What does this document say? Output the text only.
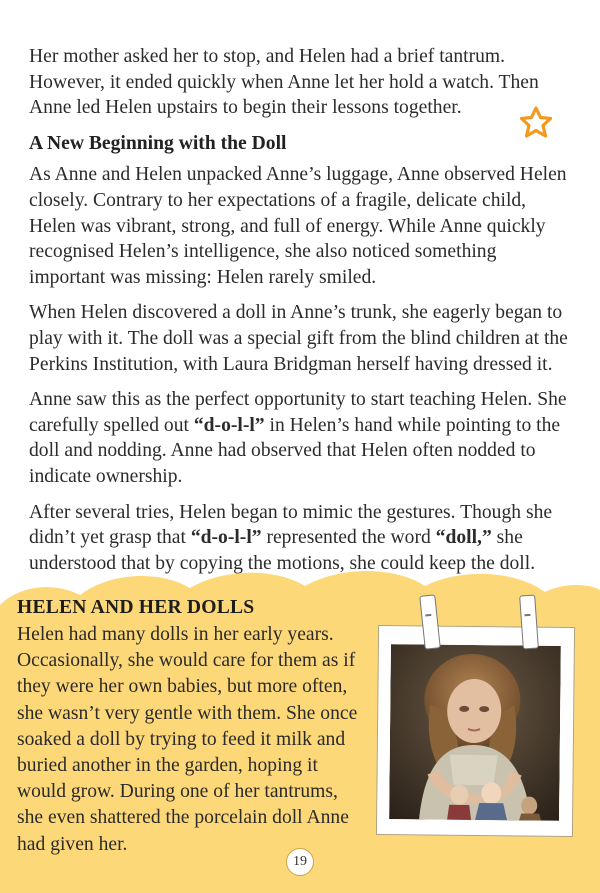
Her mother asked her to stop, and Helen had a brief tantrum. However, it ended quickly when Anne let her hold a watch. Then Anne led Helen upstairs to begin their lessons together.

A New Beginning with the Doll

As Anne and Helen unpacked Anne’s luggage, Anne observed Helen closely. Contrary to her expectations of a fragile, delicate child, Helen was vibrant, strong, and full of energy. While Anne quickly recognised Helen’s intelligence, she also noticed something important was missing: Helen rarely smiled.

When Helen discovered a doll in Anne’s trunk, she eagerly began to play with it. The doll was a special gift from the blind children at the Perkins Institution, with Laura Bridgman herself having dressed it.

Anne saw this as the perfect opportunity to start teaching Helen. She carefully spelled out “d-o-l-l” in Helen’s hand while pointing to the doll and nodding. Anne had observed that Helen often nodded to indicate ownership.

After several tries, Helen began to mimic the gestures. Though she didn’t yet grasp that “d-o-l-l” represented the word “doll,” she understood that by copying the motions, she could keep the doll.

HELEN AND HER DOLLS
Helen had many dolls in her early years. Occasionally, she would care for them as if they were her own babies, but more often, she wasn’t very gentle with them. She once soaked a doll by trying to feed it milk and buried another in the garden, hoping it would grow. During one of her tantrums, she even shattered the porcelain doll Anne had given her.
19
